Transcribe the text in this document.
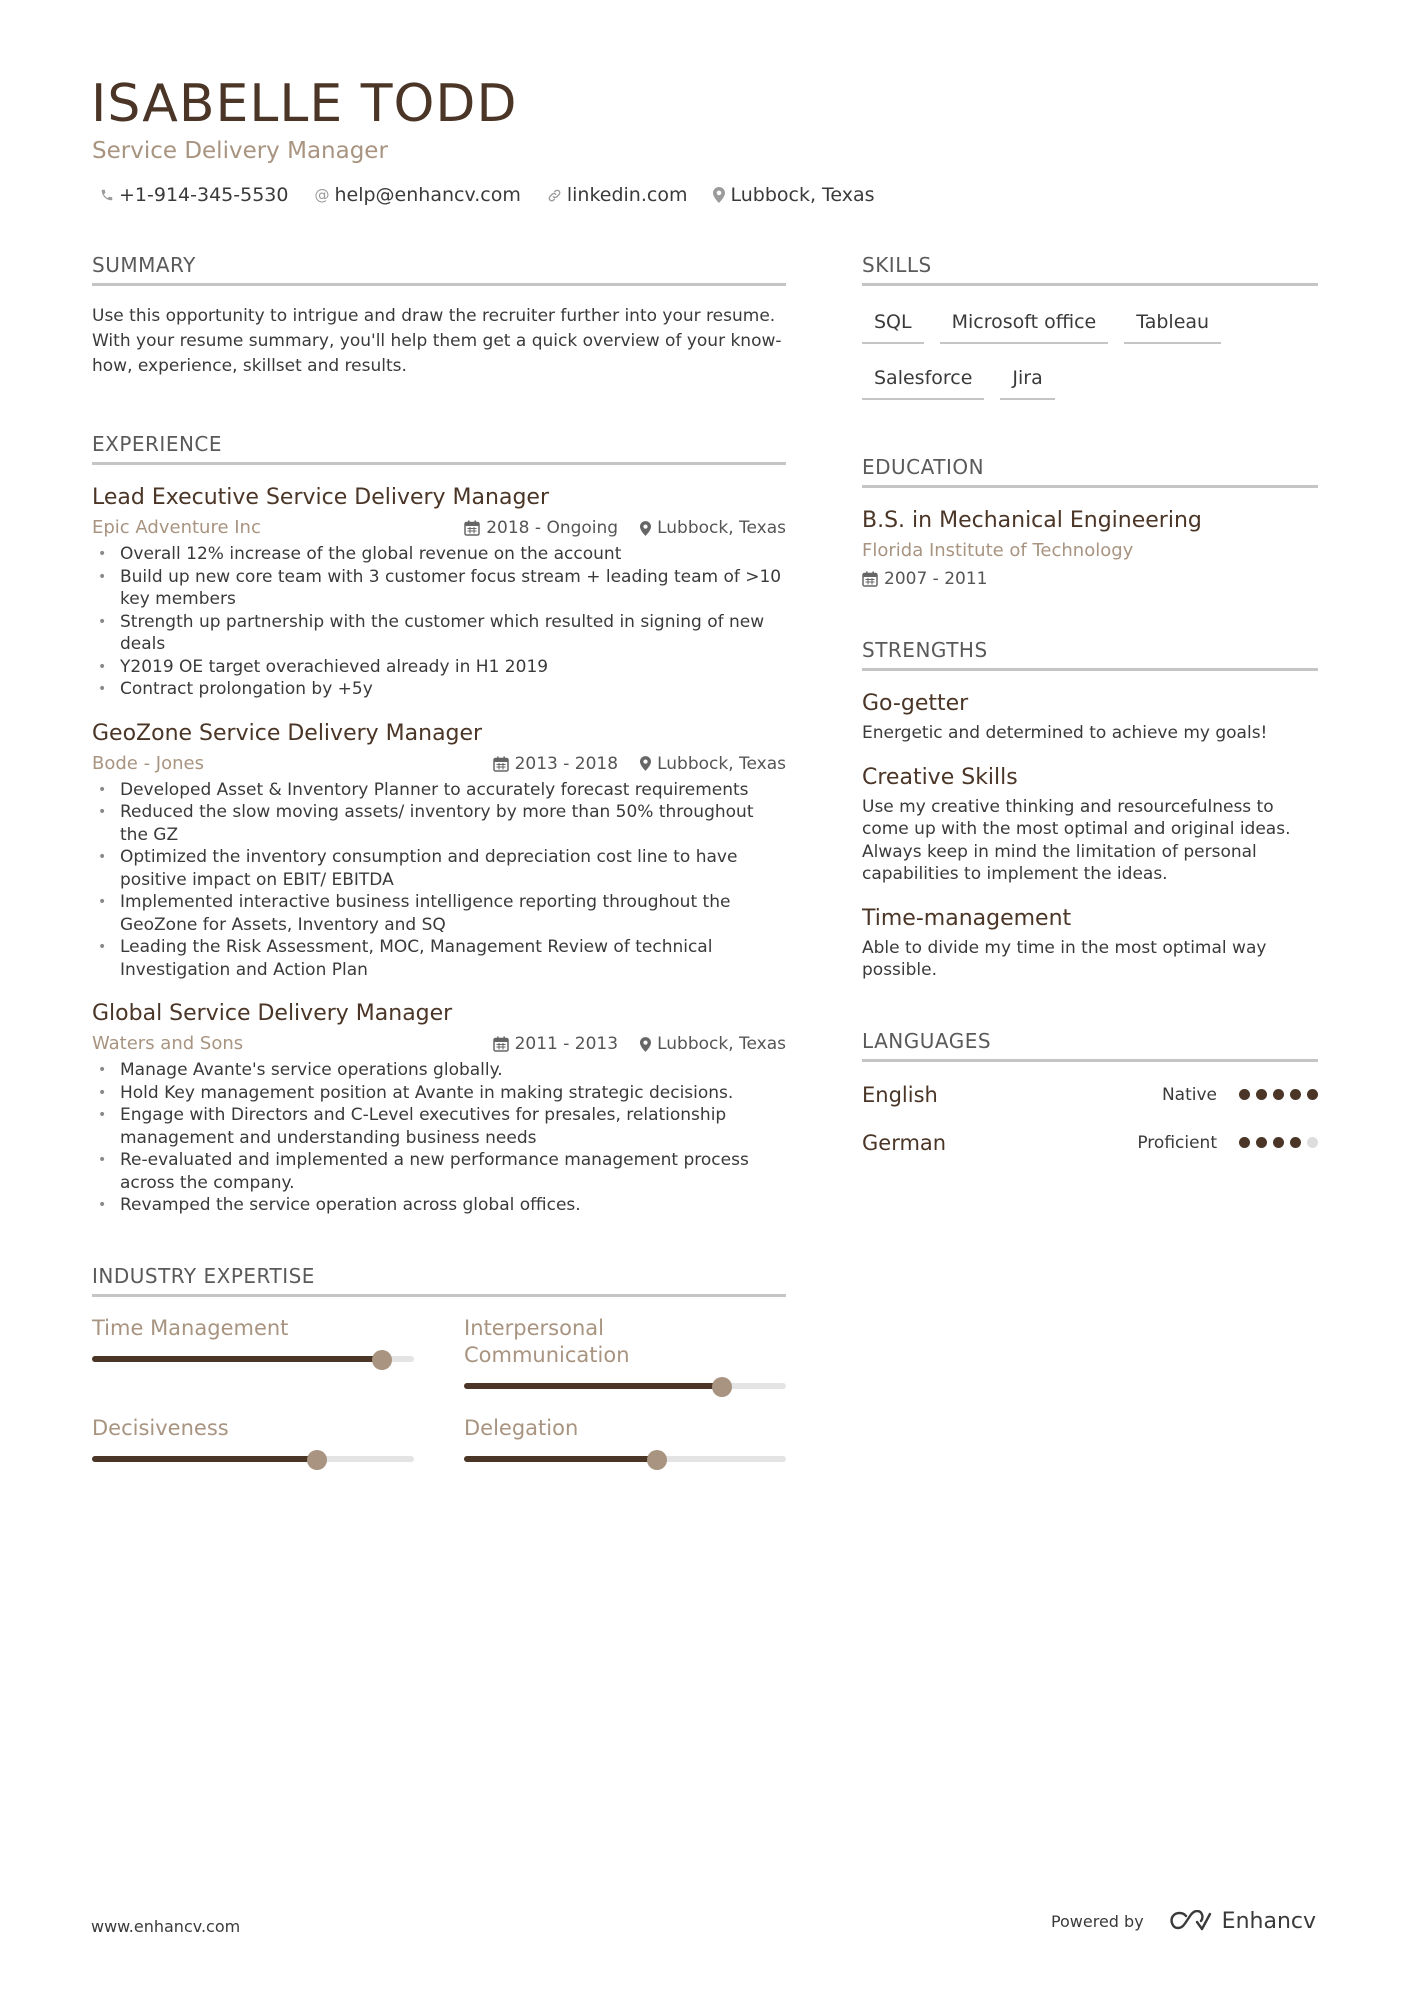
ISABELLE TODD
Service Delivery Manager
+1-914-345-5530 @ help@enhancv.com linkedin.com Lubbock, Texas
SUMMARY
Use this opportunity to intrigue and draw the recruiter further into your resume. With your resume summary, you'll help them get a quick overview of your know-how, experience, skillset and results.
EXPERIENCE
Lead Executive Service Delivery Manager
Epic Adventure Inc	2018 - Ongoing Lubbock, Texas
• Overall 12% increase of the global revenue on the account
• Build up new core team with 3 customer focus stream + leading team of >10 key members
• Strength up partnership with the customer which resulted in signing of new deals
• Y2019 OE target overachieved already in H1 2019
• Contract prolongation by +5y
GeoZone Service Delivery Manager
Bode - Jones	2013 - 2018 Lubbock, Texas
• Developed Asset & Inventory Planner to accurately forecast requirements
• Reduced the slow moving assets/ inventory by more than 50% throughout the GZ
• Optimized the inventory consumption and depreciation cost line to have positive impact on EBIT/ EBITDA
• Implemented interactive business intelligence reporting throughout the GeoZone for Assets, Inventory and SQ
• Leading the Risk Assessment, MOC, Management Review of technical Investigation and Action Plan
Global Service Delivery Manager
Waters and Sons	2011 - 2013 Lubbock, Texas
• Manage Avante's service operations globally.
• Hold Key management position at Avante in making strategic decisions.
• Engage with Directors and C-Level executives for presales, relationship management and understanding business needs
• Re-evaluated and implemented a new performance management process across the company.
• Revamped the service operation across global offices.
INDUSTRY EXPERTISE
Time Management	Interpersonal Communication
Decisiveness	Delegation
SKILLS
SQL	Microsoft office	Tableau
Salesforce	Jira
EDUCATION
B.S. in Mechanical Engineering
Florida Institute of Technology
2007 - 2011
STRENGTHS
Go-getter
Energetic and determined to achieve my goals!
Creative Skills
Use my creative thinking and resourcefulness to come up with the most optimal and original ideas. Always keep in mind the limitation of personal capabilities to implement the ideas.
Time-management
Able to divide my time in the most optimal way possible.
LANGUAGES
English	Native
German	Proficient
www.enhancv.com	Powered by	Enhancv
